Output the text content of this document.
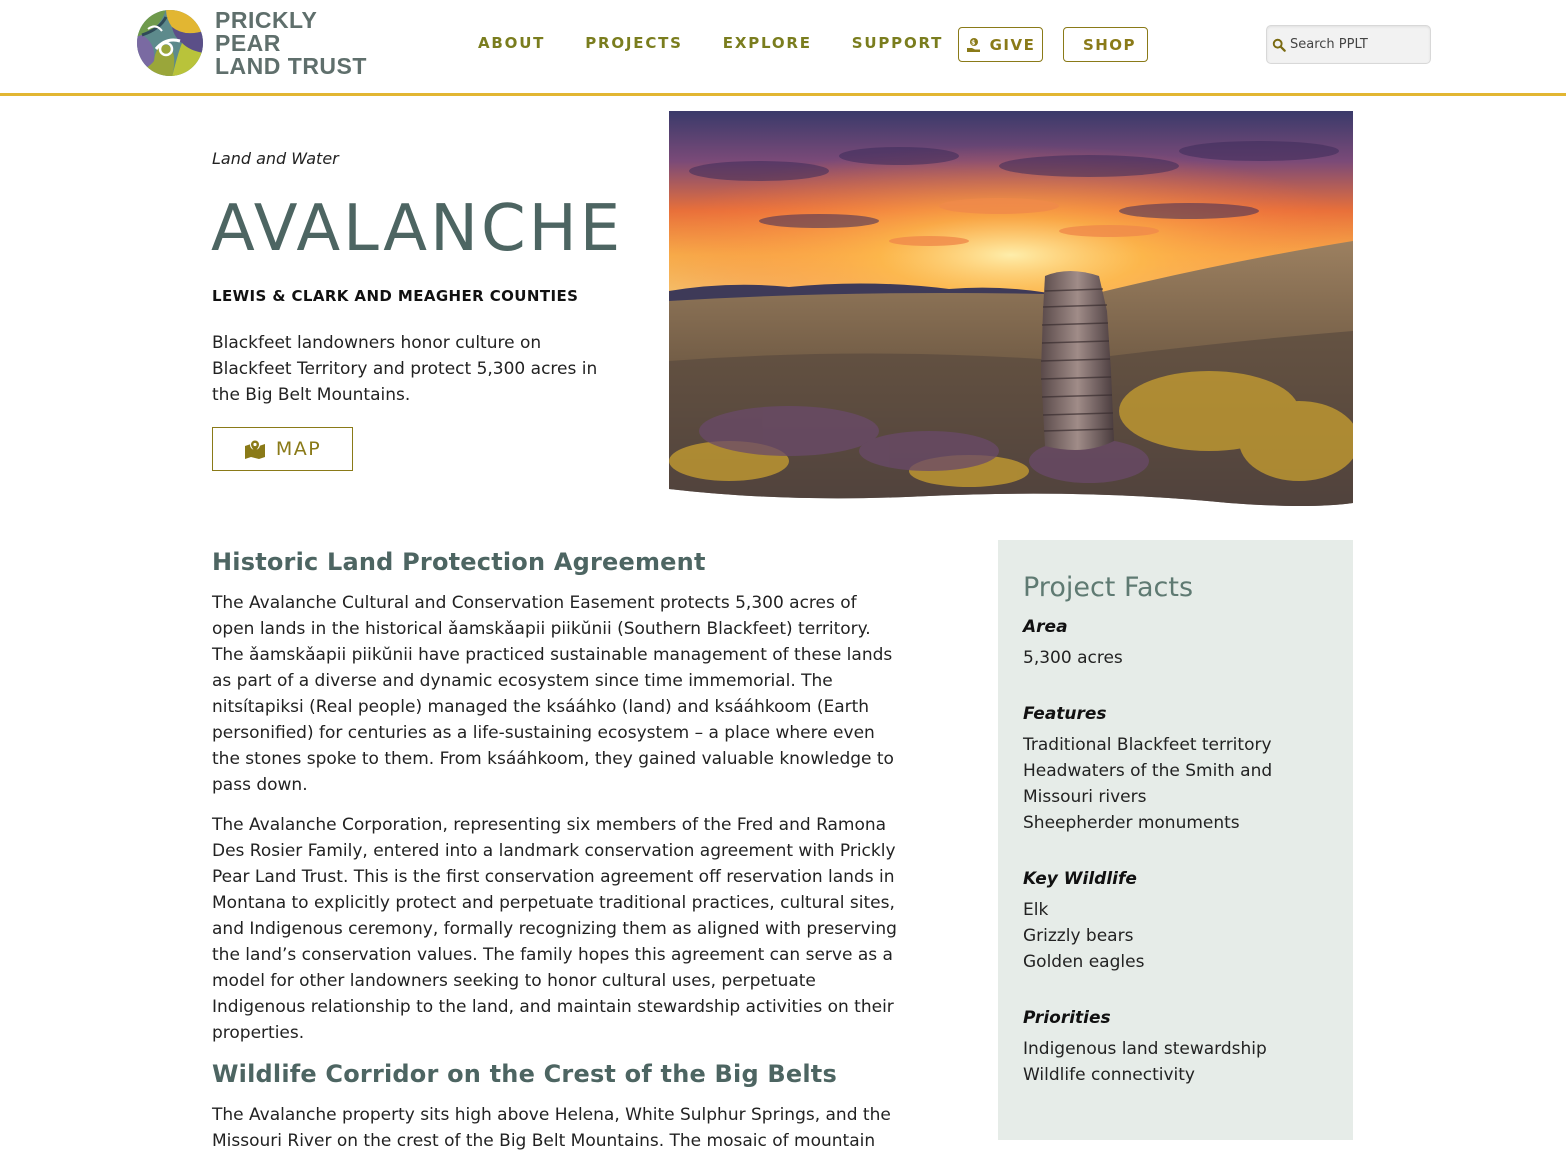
PRICKLY PEAR
LAND TRUST
ABOUT	PROJECTS	EXPLORE	SUPPORT	$ GIVE	SHOP
Search PPLT
Land and Water
AVALANCHE
LEWIS & CLARK AND MEAGHER COUNTIES

Blackfeet landowners honor culture on Blackfeet Territory and protect 5,300 acres in the Big Belt Mountains.

MAP
Historic Land Protection Agreement

The Avalanche Cultural and Conservation Easement protects 5,300 acres of open lands in the historical ǎamskǎapii piikŭnii (Southern Blackfeet) territory. The ǎamskǎapii piikŭnii have practiced sustainable management of these lands as part of a diverse and dynamic ecosystem since time immemorial. The nitsítapiksi (Real people) managed the ksááhko (land) and ksááhkoom (Earth personified) for centuries as a life-sustaining ecosystem – a place where even the stones spoke to them. From ksááhkoom, they gained valuable knowledge to pass down.

The Avalanche Corporation, representing six members of the Fred and Ramona Des Rosier Family, entered into a landmark conservation agreement with Prickly Pear Land Trust. This is the first conservation agreement off reservation lands in Montana to explicitly protect and perpetuate traditional practices, cultural sites, and Indigenous ceremony, formally recognizing them as aligned with preserving the land’s conservation values. The family hopes this agreement can serve as a model for other landowners seeking to honor cultural uses, perpetuate Indigenous relationship to the land, and maintain stewardship activities on their properties.

Wildlife Corridor on the Crest of the Big Belts

The Avalanche property sits high above Helena, White Sulphur Springs, and the Missouri River on the crest of the Big Belt Mountains. The mosaic of mountain

Project Facts
Area
5,300 acres
Features
Traditional Blackfeet territory
Headwaters of the Smith and Missouri rivers
Sheepherder monuments
Key Wildlife
Elk
Grizzly bears
Golden eagles
Priorities
Indigenous land stewardship
Wildlife connectivity
